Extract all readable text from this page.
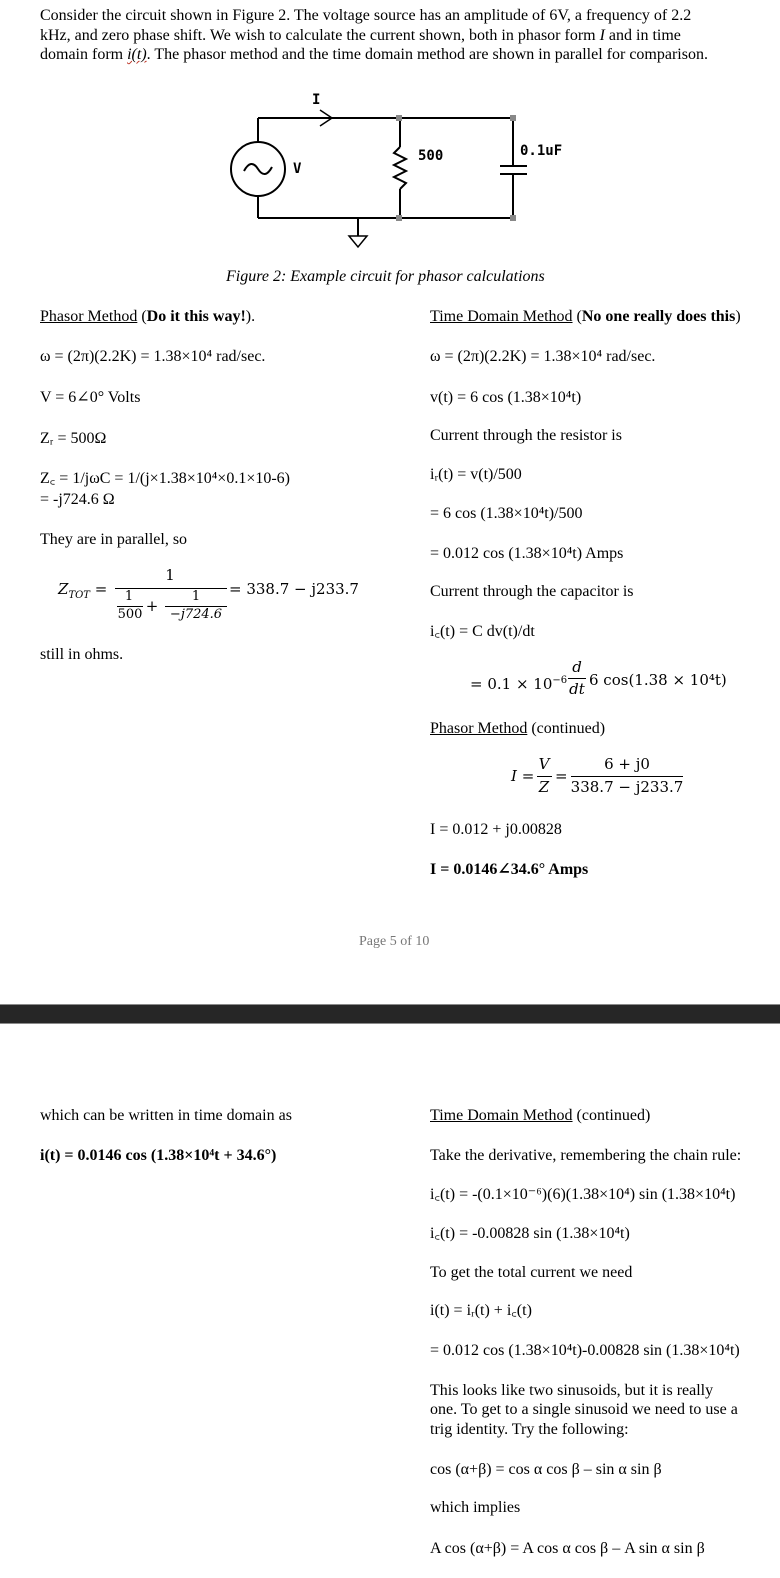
Consider the circuit shown in Figure 2. The voltage source has an amplitude of 6V, a frequency of 2.2
kHz, and zero phase shift. We wish to calculate the current shown, both in phasor form I and in time
domain form i(t). The phasor method and the time domain method are shown in parallel for comparison.
I
V
500	0.1uF
Figure 2: Example circuit for phasor calculations
Phasor Method (Do it this way!).
ω = (2π)(2.2K) = 1.38×10⁴ rad/sec.
V = 6∠0° Volts
Zᵣ = 500Ω
Z꜀ = 1/jωC = 1/(j×1.38×10⁴×0.1×10-6)
= -j724.6 Ω
They are in parallel, so
$Z_{TOT}$ =
1
1
500 +
1
−j724.6
= 338.7 − j233.7
still in ohms.
Time Domain Method (No one really does this)
ω = (2π)(2.2K) = 1.38×10⁴ rad/sec.
v(t) = 6 cos (1.38×10⁴t)
Current through the resistor is
iᵣ(t) = v(t)/500
= 6 cos (1.38×10⁴t)/500
= 0.012 cos (1.38×10⁴t) Amps
Current through the capacitor is
i꜀(t) = C dv(t)/dt
= $0.1 \times 10^{-6}$
d
dt 6 cos(1.38 × 10⁴t)
Phasor Method (continued)
I =
V
Z
=
6 + j0
338.7 − j233.7
I = 0.012 + j0.00828
I = 0.0146∠34.6° Amps
Page 5 of 10
which can be written in time domain as
i(t) = 0.0146 cos (1.38×10⁴t + 34.6°)
Time Domain Method (continued)
Take the derivative, remembering the chain rule:
i꜀(t) = -(0.1×10⁻⁶)(6)(1.38×10⁴) sin (1.38×10⁴t)
i꜀(t) = -0.00828 sin (1.38×10⁴t)
To get the total current we need
i(t) = iᵣ(t) + i꜀(t)
= 0.012 cos (1.38×10⁴t)-0.00828 sin (1.38×10⁴t)
This looks like two sinusoids, but it is really
one. To get to a single sinusoid we need to use a
trig identity. Try the following:
cos (α+β) = cos α cos β – sin α sin β
which implies
A cos (α+β) = A cos α cos β – A sin α sin β
